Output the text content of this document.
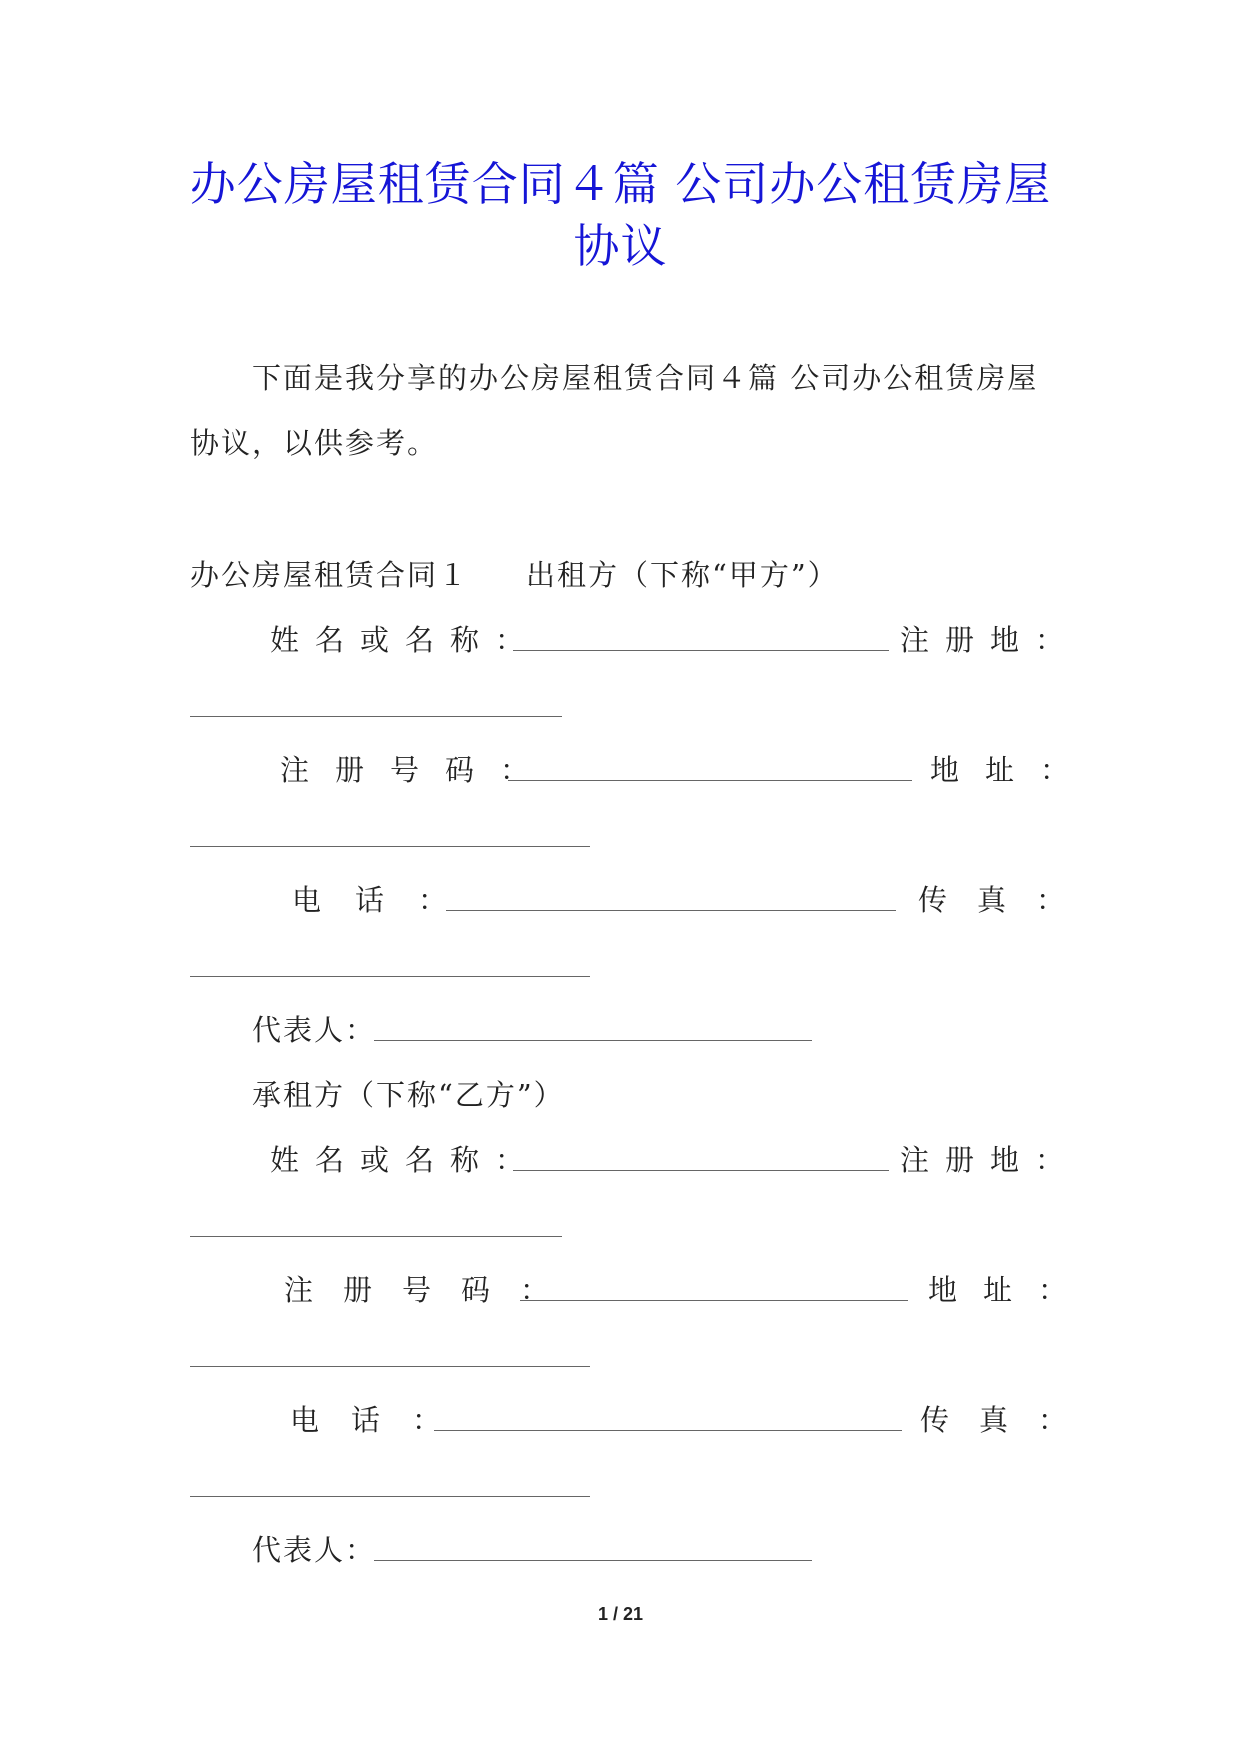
办公房屋租赁合同４篇 公司办公租赁房屋
协议
下面是我分享的办公房屋租赁合同４篇 公司办公租赁房屋
协议，以供参考。
办公房屋租赁合同１ 出租方（下称“甲方”）
姓名或名称：	注册地：
注册号码：	地址：
电话：	传真：
代表人：
承租方（下称“乙方”）
姓名或名称：	注册地：
注册号码：	地址：
电话：	传真：
代表人：
1 / 21
